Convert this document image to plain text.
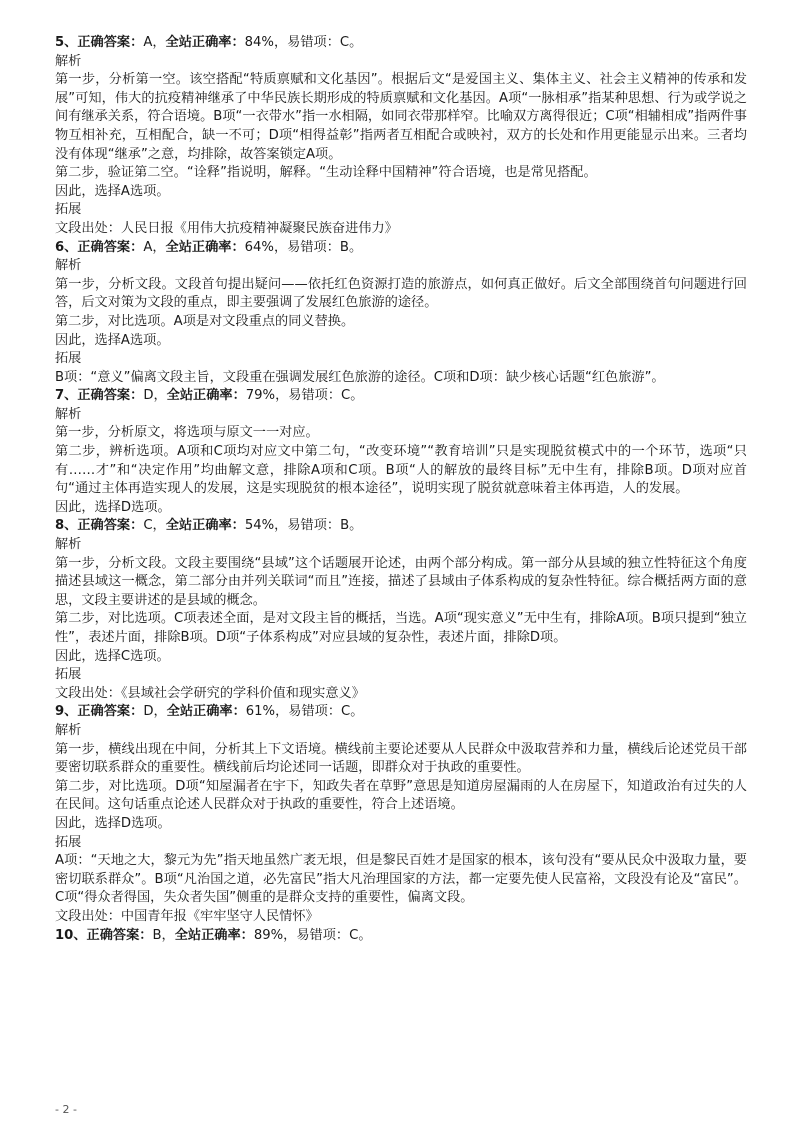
5、正确答案：A，全站正确率：84%，易错项：C。

解析

第一步，分析第一空。该空搭配“特质禀赋和文化基因”。根据后文“是爱国主义、集体主义、社会主义精神的传承和发展”可知，伟大的抗疫精神继承了中华民族长期形成的特质禀赋和文化基因。A项“一脉相承”指某种思想、行为或学说之间有继承关系，符合语境。B项“一衣带水”指一水相隔，如同衣带那样窄。比喻双方离得很近；C项“相辅相成”指两件事物互相补充，互相配合，缺一不可；D项“相得益彰”指两者互相配合或映衬，双方的长处和作用更能显示出来。三者均没有体现“继承”之意，均排除，故答案锁定A项。

第二步，验证第二空。“诠释”指说明，解释。“生动诠释中国精神”符合语境，也是常见搭配。

因此，选择A选项。

拓展

文段出处：人民日报《用伟大抗疫精神凝聚民族奋进伟力》

6、正确答案：A，全站正确率：64%，易错项：B。

解析

第一步，分析文段。文段首句提出疑问——依托红色资源打造的旅游点，如何真正做好。后文全部围绕首句问题进行回答，后文对策为文段的重点，即主要强调了发展红色旅游的途径。

第二步，对比选项。A项是对文段重点的同义替换。

因此，选择A选项。

拓展

B项：“意义”偏离文段主旨，文段重在强调发展红色旅游的途径。C项和D项：缺少核心话题“红色旅游”。

7、正确答案：D，全站正确率：79%，易错项：C。

解析

第一步，分析原文，将选项与原文一一对应。

第二步，辨析选项。A项和C项均对应文中第二句，“改变环境”“教育培训”只是实现脱贫模式中的一个环节，选项“只有……才”和“决定作用”均曲解文意，排除A项和C项。B项“人的解放的最终目标”无中生有，排除B项。D项对应首句“通过主体再造实现人的发展，这是实现脱贫的根本途径”，说明实现了脱贫就意味着主体再造，人的发展。

因此，选择D选项。

8、正确答案：C，全站正确率：54%，易错项：B。

解析

第一步，分析文段。文段主要围绕“县域”这个话题展开论述，由两个部分构成。第一部分从县域的独立性特征这个角度描述县域这一概念，第二部分由并列关联词“而且”连接，描述了县域由子体系构成的复杂性特征。综合概括两方面的意思，文段主要讲述的是县域的概念。

第二步，对比选项。C项表述全面，是对文段主旨的概括，当选。A项“现实意义”无中生有，排除A项。B项只提到“独立性”，表述片面，排除B项。D项“子体系构成”对应县域的复杂性，表述片面，排除D项。

因此，选择C选项。

拓展

文段出处：《县域社会学研究的学科价值和现实意义》

9、正确答案：D，全站正确率：61%，易错项：C。

解析

第一步，横线出现在中间，分析其上下文语境。横线前主要论述要从人民群众中汲取营养和力量，横线后论述党员干部要密切联系群众的重要性。横线前后均论述同一话题，即群众对于执政的重要性。

第二步，对比选项。D项“知屋漏者在宇下，知政失者在草野”意思是知道房屋漏雨的人在房屋下，知道政治有过失的人在民间。这句话重点论述人民群众对于执政的重要性，符合上述语境。

因此，选择D选项。

拓展

A项：“天地之大，黎元为先”指天地虽然广袤无垠，但是黎民百姓才是国家的根本，该句没有“要从民众中汲取力量，要密切联系群众”。B项“凡治国之道，必先富民”指大凡治理国家的方法，都一定要先使人民富裕，文段没有论及“富民”。C项“得众者得国，失众者失国”侧重的是群众支持的重要性，偏离文段。

文段出处：中国青年报《牢牢坚守人民情怀》

10、正确答案：B，全站正确率：89%，易错项：C。

- 2 -
